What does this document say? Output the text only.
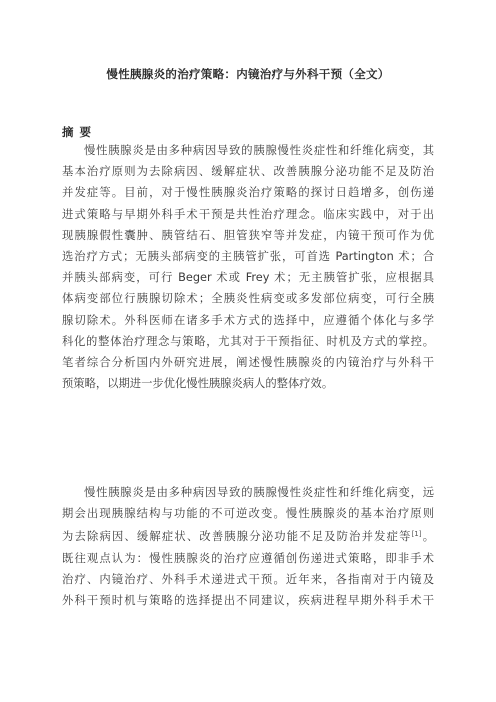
慢性胰腺炎的治疗策略：内镜治疗与外科干预（全文）
摘要
慢性胰腺炎是由多种病因导致的胰腺慢性炎症性和纤维化病变，其
基本治疗原则为去除病因、缓解症状、改善胰腺分泌功能不足及防治
并发症等。目前，对于慢性胰腺炎治疗策略的探讨日趋增多，创伤递
进式策略与早期外科手术干预是共性治疗理念。临床实践中，对于出
现胰腺假性囊肿、胰管结石、胆管狭窄等并发症，内镜干预可作为优
选治疗方式；无胰头部病变的主胰管扩张，可首选 Partington 术；合
并胰头部病变，可行 Beger 术或 Frey 术；无主胰管扩张，应根据具
体病变部位行胰腺切除术；全胰炎性病变或多发部位病变，可行全胰
腺切除术。外科医师在诸多手术方式的选择中，应遵循个体化与多学
科化的整体治疗理念与策略，尤其对于干预指征、时机及方式的掌控。
笔者综合分析国内外研究进展，阐述慢性胰腺炎的内镜治疗与外科干
预策略，以期进一步优化慢性胰腺炎病人的整体疗效。
慢性胰腺炎是由多种病因导致的胰腺慢性炎症性和纤维化病变，远
期会出现胰腺结构与功能的不可逆改变。慢性胰腺炎的基本治疗原则
为去除病因、缓解症状、改善胰腺分泌功能不足及防治并发症等[1]。
既往观点认为：慢性胰腺炎的治疗应遵循创伤递进式策略，即非手术
治疗、内镜治疗、外科手术递进式干预。近年来，各指南对于内镜及
外科干预时机与策略的选择提出不同建议，疾病进程早期外科手术干
